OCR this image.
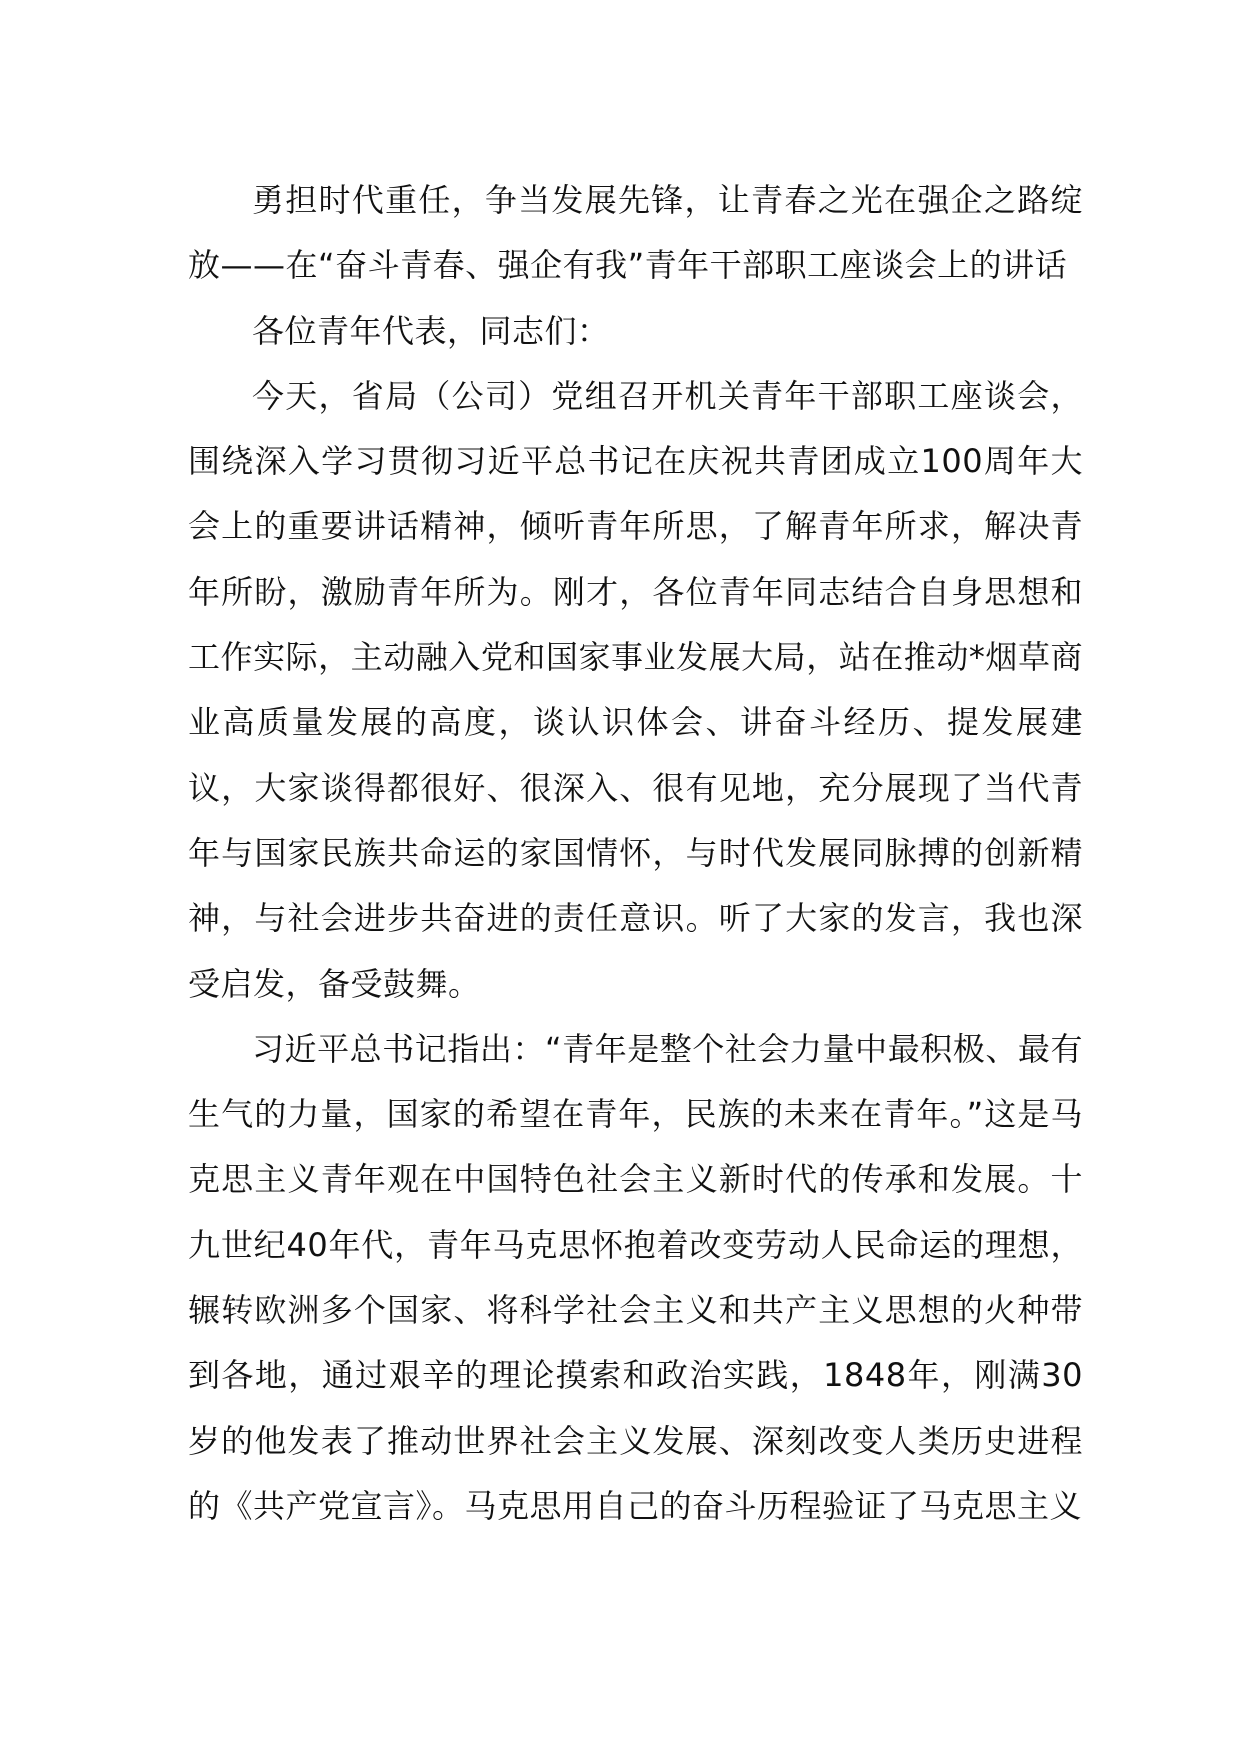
勇担时代重任，争当发展先锋，让青春之光在强企之路绽放——在“奋斗青春、强企有我”青年干部职工座谈会上的讲话

各位青年代表，同志们：

今天，省局（公司）党组召开机关青年干部职工座谈会，围绕深入学习贯彻习近平总书记在庆祝共青团成立100周年大会上的重要讲话精神，倾听青年所思，了解青年所求，解决青年所盼，激励青年所为。刚才，各位青年同志结合自身思想和工作实际，主动融入党和国家事业发展大局，站在推动*烟草商业高质量发展的高度，谈认识体会、讲奋斗经历、提发展建议，大家谈得都很好、很深入、很有见地，充分展现了当代青年与国家民族共命运的家国情怀，与时代发展同脉搏的创新精神，与社会进步共奋进的责任意识。听了大家的发言，我也深受启发，备受鼓舞。

习近平总书记指出：“青年是整个社会力量中最积极、最有生气的力量，国家的希望在青年，民族的未来在青年。”这是马克思主义青年观在中国特色社会主义新时代的传承和发展。十九世纪40年代，青年马克思怀抱着改变劳动人民命运的理想，辗转欧洲多个国家、将科学社会主义和共产主义思想的火种带到各地，通过艰辛的理论摸索和政治实践，1848年，刚满30岁的他发表了推动世界社会主义发展、深刻改变人类历史进程的《共产党宣言》。马克思用自己的奋斗历程验证了马克思主义
